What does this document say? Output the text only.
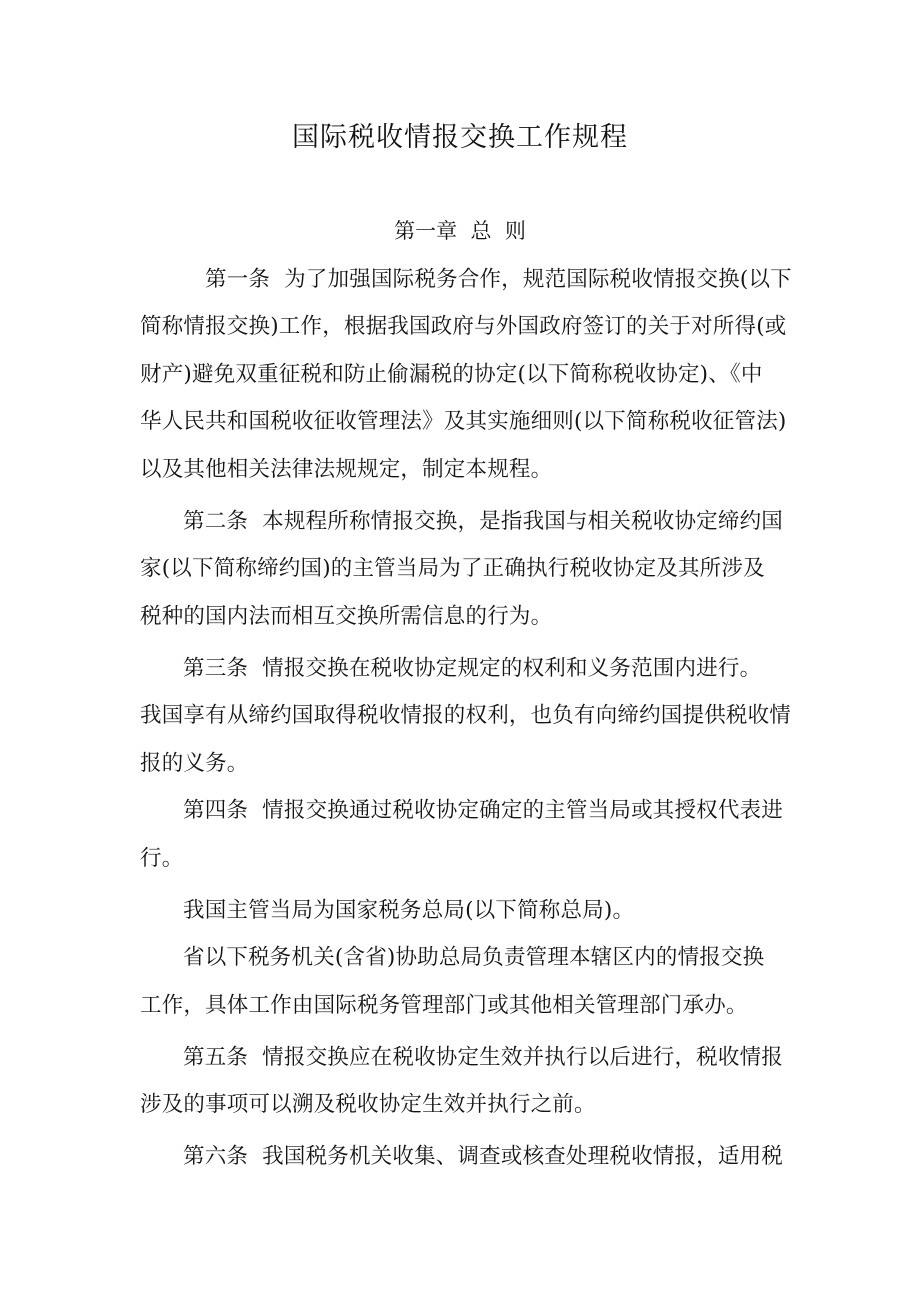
国际税收情报交换工作规程
第一章  总  则
第一条  为了加强国际税务合作，规范国际税收情报交换(以下
简称情报交换)工作，根据我国政府与外国政府签订的关于对所得(或
财产)避免双重征税和防止偷漏税的协定(以下简称税收协定)、《中
华人民共和国税收征收管理法》及其实施细则(以下简称税收征管法)
以及其他相关法律法规规定，制定本规程。
第二条  本规程所称情报交换，是指我国与相关税收协定缔约国
家(以下简称缔约国)的主管当局为了正确执行税收协定及其所涉及
税种的国内法而相互交换所需信息的行为。
第三条  情报交换在税收协定规定的权利和义务范围内进行。
我国享有从缔约国取得税收情报的权利，也负有向缔约国提供税收情
报的义务。
第四条  情报交换通过税收协定确定的主管当局或其授权代表进
行。
我国主管当局为国家税务总局(以下简称总局)。
省以下税务机关(含省)协助总局负责管理本辖区内的情报交换
工作，具体工作由国际税务管理部门或其他相关管理部门承办。
第五条  情报交换应在税收协定生效并执行以后进行，税收情报
涉及的事项可以溯及税收协定生效并执行之前。
第六条  我国税务机关收集、调查或核查处理税收情报，适用税
